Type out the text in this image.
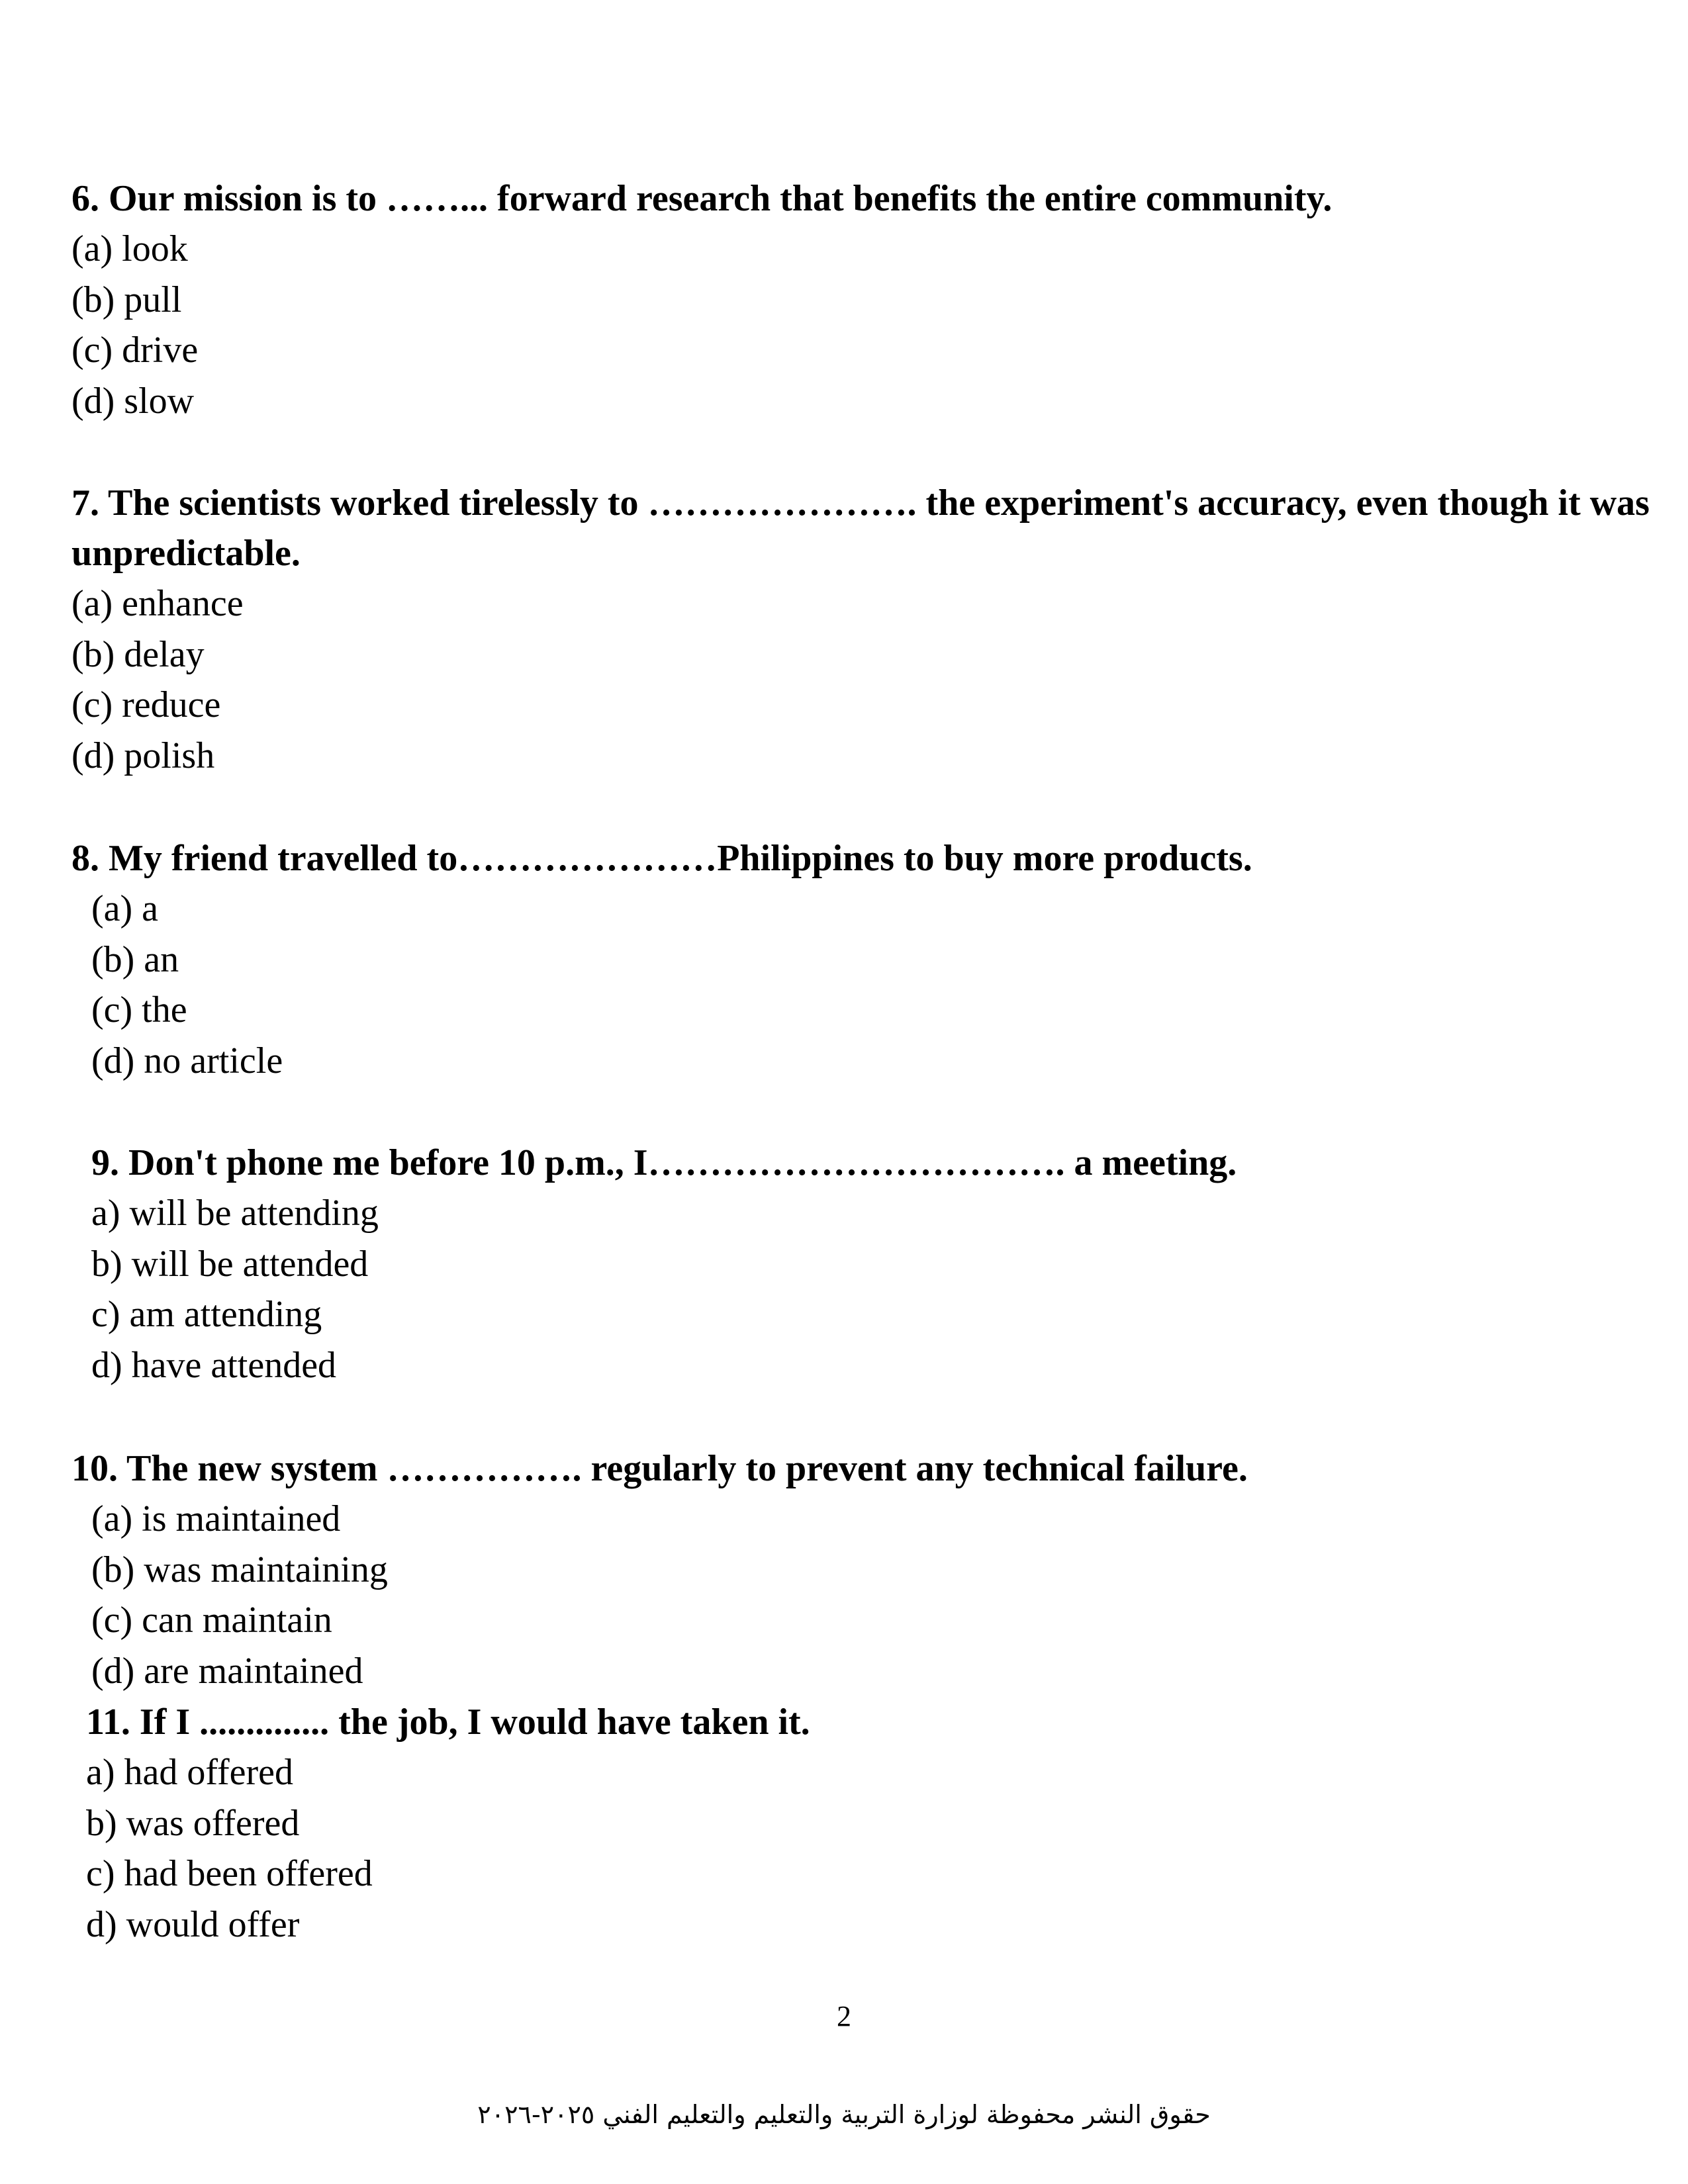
6. Our mission is to ……... forward research that benefits the entire community.

(a) look

(b) pull

(c) drive

(d) slow

7. The scientists worked tirelessly to …………………. the experiment's accuracy, even though it was unpredictable.

(a) enhance

(b) delay

(c) reduce

(d) polish

8. My friend travelled to…………………Philippines to buy more products.

(a) a

(b) an

(c) the

(d) no article

9. Don't phone me before 10 p.m., I……………………………. a meeting.

a) will be attending

b) will be attended

c) am attending

d) have attended

10. The new system ……………. regularly to prevent any technical failure.

(a) is maintained

(b) was maintaining

(c) can maintain

(d) are maintained

11. If I .............. the job, I would have taken it.

a) had offered

b) was offered

c) had been offered

d) would offer

2
حقوق النشر محفوظة لوزارة التربية والتعليم والتعليم الفني ٢٠٢٥-٢٠٢٦
